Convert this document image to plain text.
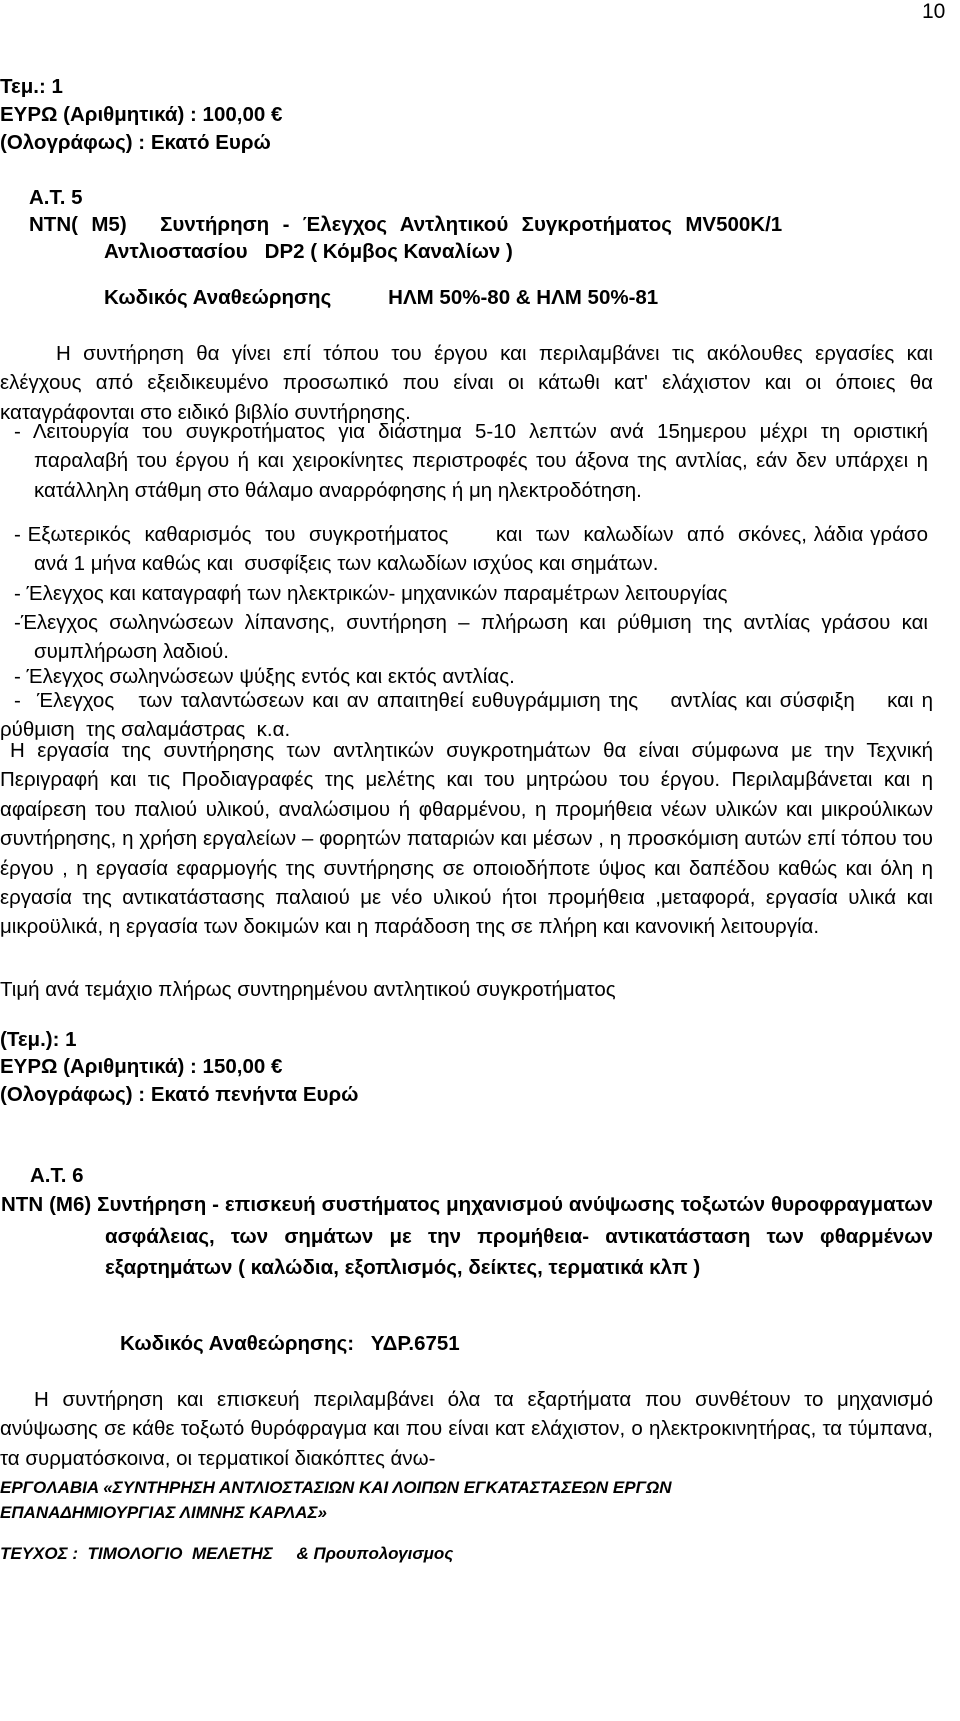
10
Τεμ.: 1
ΕΥΡΩ (Αριθμητικά) : 100,00 €
(Ολογράφως) : Εκατό Ευρώ
Α.Τ. 5
ΝΤΝ(  Μ5)     Συντήρηση  -  Έλεγχος  Αντλητικού  Συγκροτήματος  MV500K/1
Αντλιοστασίου   DP2 ( Κόμβος Καναλίων )
Κωδικός Αναθεώρησης          ΗΛΜ 50%-80 & ΗΛΜ 50%-81
Η συντήρηση θα γίνει επί τόπου του έργου και περιλαμβάνει τις ακόλουθες εργασίες και ελέγχους από εξειδικευμένο προσωπικό που είναι οι κάτωθι κατ' ελάχιστον και οι όποιες θα καταγράφονται στο ειδικό βιβλίο συντήρησης.
- Λειτουργία του συγκροτήματος για διάστημα 5-10 λεπτών ανά 15ημερου μέχρι τη οριστική παραλαβή του έργου ή και χειροκίνητες περιστροφές του άξονα της αντλίας, εάν δεν υπάρχει η κατάλληλη στάθμη στο θάλαμο αναρρόφησης ή μη ηλεκτροδότηση.
- Εξωτερικός  καθαρισμός  του  συγκροτήματος       και  των  καλωδίων  από  σκόνες, λάδια γράσο ανά 1 μήνα καθώς και  συσφίξεις των καλωδίων ισχύος και σημάτων.
- Έλεγχος και καταγραφή των ηλεκτρικών- μηχανικών παραμέτρων λειτουργίας
-Έλεγχος σωληνώσεων λίπανσης, συντήρηση – πλήρωση και ρύθμιση της αντλίας γράσου και συμπλήρωση λαδιού.
- Έλεγχος σωληνώσεων ψύξης εντός και εκτός αντλίας.
-  Έλεγχος   των ταλαντώσεων και αν απαιτηθεί ευθυγράμμιση της    αντλίας και σύσφιξη    και η    ρύθμιση  της σαλαμάστρας  κ.α.
Η εργασία της συντήρησης των αντλητικών συγκροτημάτων θα είναι σύμφωνα με την Τεχνική Περιγραφή και τις Προδιαγραφές της μελέτης και του μητρώου του έργου. Περιλαμβάνεται και η αφαίρεση του παλιού υλικού, αναλώσιμου ή φθαρμένου, η προμήθεια νέων υλικών και μικρούλικων συντήρησης, η χρήση εργαλείων – φορητών παταριών και μέσων , η προσκόμιση αυτών επί τόπου του έργου , η εργασία εφαρμογής της συντήρησης σε οποιοδήποτε ύψος και δαπέδου καθώς και όλη η εργασία της αντικατάστασης παλαιού με νέο υλικού ήτοι προμήθεια ,μεταφορά, εργασία υλικά και μικροϋλικά, η εργασία των δοκιμών και η παράδοση της σε πλήρη και κανονική λειτουργία.
Τιμή ανά τεμάχιο πλήρως συντηρημένου αντλητικού συγκροτήματος
(Τεμ.): 1
ΕΥΡΩ (Αριθμητικά) : 150,00 €
(Ολογράφως) : Εκατό πενήντα Ευρώ
Α.Τ. 6
ΝΤΝ (Μ6) Συντήρηση - επισκευή συστήματος μηχανισμού ανύψωσης τοξωτών θυροφραγματων ασφάλειας, των σημάτων με την προμήθεια- αντικατάσταση των φθαρμένων εξαρτημάτων ( καλώδια, εξοπλισμός, δείκτες, τερματικά κλπ )
Κωδικός Αναθεώρησης:   ΥΔΡ.6751
Η συντήρηση και επισκευή περιλαμβάνει όλα τα εξαρτήματα που συνθέτουν το μηχανισμό ανύψωσης σε κάθε τοξωτό θυρόφραγμα και που είναι κατ ελάχιστον, ο ηλεκτροκινητήρας, τα τύμπανα, τα συρματόσκοινα, οι τερματικοί διακόπτες άνω-
ΕΡΓΟΛΑΒΙΑ «ΣΥΝΤΗΡΗΣΗ ΑΝΤΛΙΟΣΤΑΣΙΩΝ ΚΑΙ ΛΟΙΠΩΝ ΕΓΚΑΤΑΣΤΑΣΕΩΝ ΕΡΓΩΝ
ΕΠΑΝΑΔΗΜΙΟΥΡΓΙΑΣ ΛΙΜΝΗΣ ΚΑΡΛΑΣ»
ΤΕΥΧΟΣ :  ΤΙΜΟΛΟΓΙΟ  ΜΕΛΕΤΗΣ     & Προυπολογισμος
